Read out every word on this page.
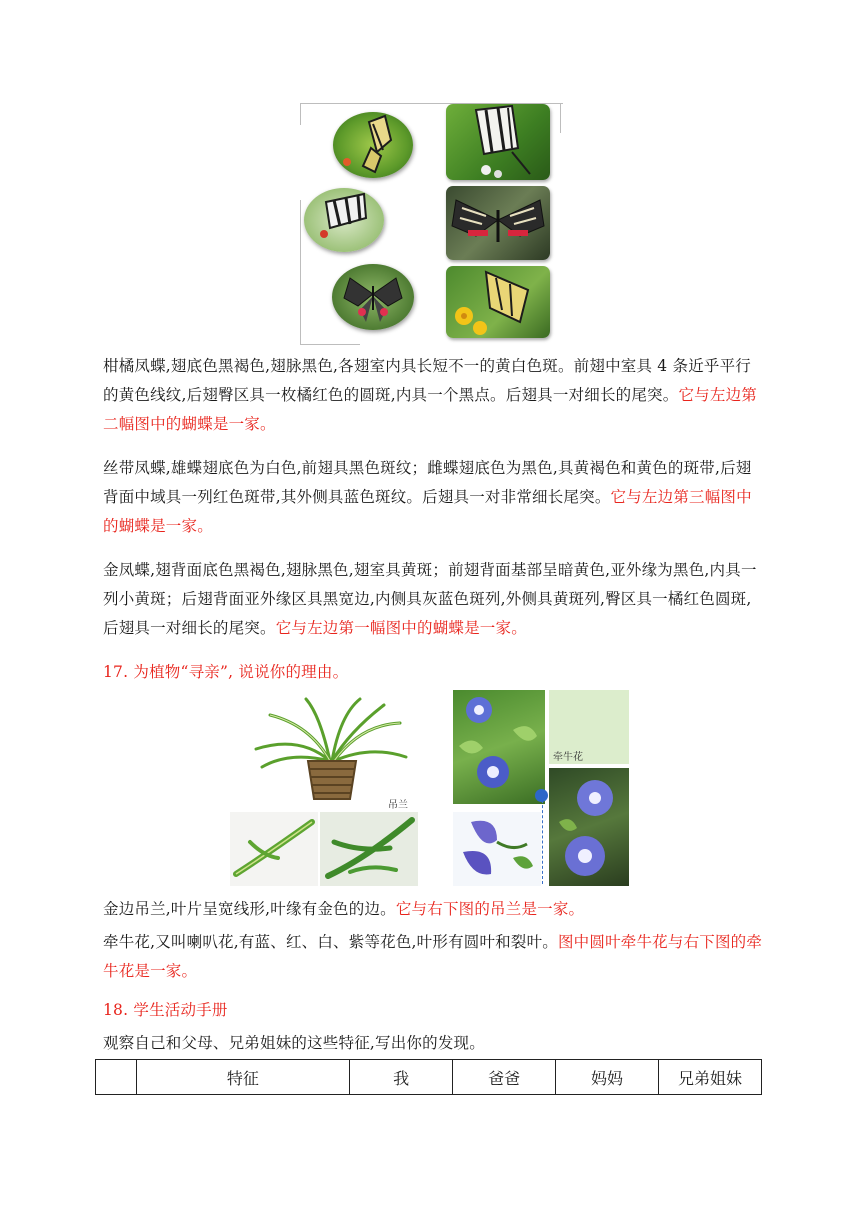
柑橘凤蝶,翅底色黑褐色,翅脉黑色,各翅室内具长短不一的黄白色斑。前翅中室具 4 条近乎平行的黄色线纹,后翅臀区具一枚橘红色的圆斑,内具一个黑点。后翅具一对细长的尾突。它与左边第二幅图中的蝴蝶是一家。
丝带凤蝶,雄蝶翅底色为白色,前翅具黑色斑纹；雌蝶翅底色为黑色,具黄褐色和黄色的斑带,后翅背面中域具一列红色斑带,其外侧具蓝色斑纹。后翅具一对非常细长尾突。它与左边第三幅图中的蝴蝶是一家。
金凤蝶,翅背面底色黑褐色,翅脉黑色,翅室具黄斑；前翅背面基部呈暗黄色,亚外缘为黑色,内具一列小黄斑；后翅背面亚外缘区具黑宽边,内侧具灰蓝色斑列,外侧具黄斑列,臀区具一橘红色圆斑,后翅具一对细长的尾突。它与左边第一幅图中的蝴蝶是一家。
17. 为植物“寻亲”, 说说你的理由。
吊兰
牵牛花
金边吊兰,叶片呈宽线形,叶缘有金色的边。它与右下图的吊兰是一家。
牵牛花,又叫喇叭花,有蓝、红、白、紫等花色,叶形有圆叶和裂叶。图中圆叶牵牛花与右下图的牵牛花是一家。
18. 学生活动手册
观察自己和父母、兄弟姐妹的这些特征,写出你的发现。
	特征	我	爸爸	妈妈	兄弟姐妹
